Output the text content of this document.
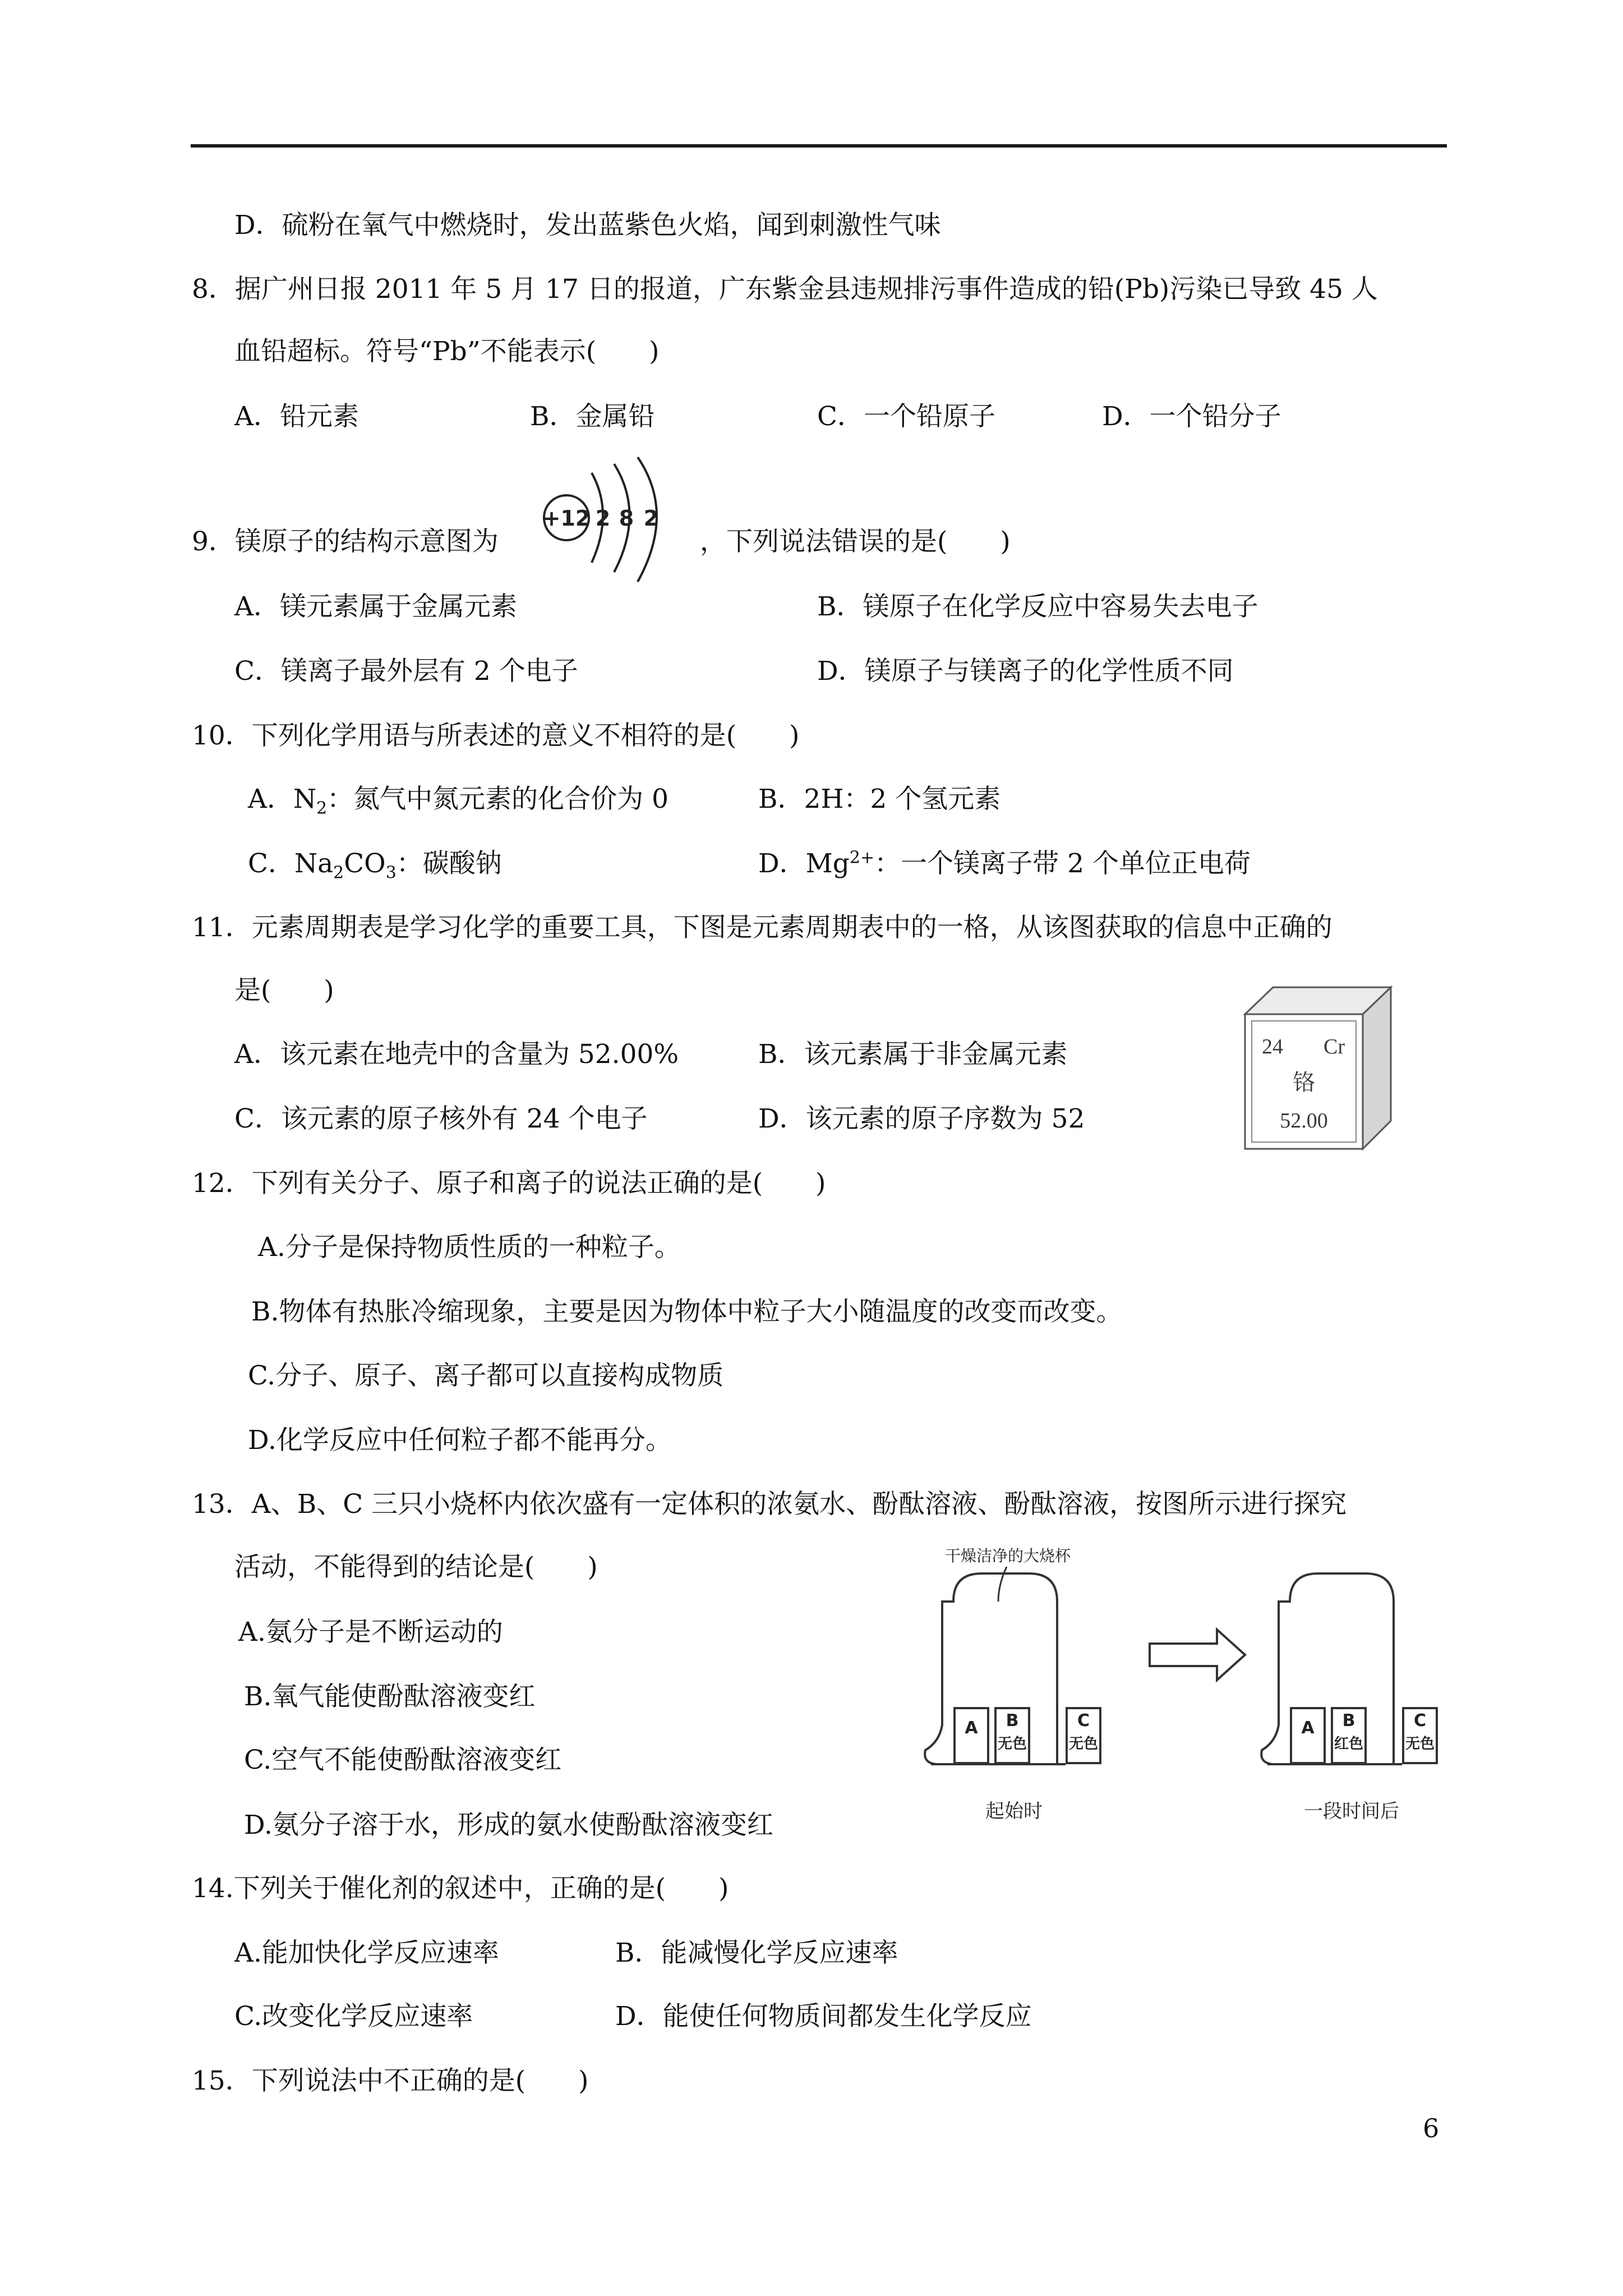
D．硫粉在氧气中燃烧时，发出蓝紫色火焰，闻到刺激性气味
8．据广州日报 2011 年 5 月 17 日的报道，广东紫金县违规排污事件造成的铅(Pb)污染已导致 45 人
血铅超标。符号“Pb”不能表示(　　)
A．铅元素	B．金属铅	C．一个铅原子	D．一个铅分子
9．镁原子的结构示意图为
+12 2 8 2
，下列说法错误的是(　　)
A．镁元素属于金属元素	B．镁原子在化学反应中容易失去电子
C．镁离子最外层有 2 个电子	D．镁原子与镁离子的化学性质不同
10．下列化学用语与所表述的意义不相符的是(　　)
A．$N_2$：氮气中氮元素的化合价为 0	B．2H：2 个氢元素
C．$Na_2CO_3$：碳酸钠	D．$Mg^{2+}$：一个镁离子带 2 个单位正电荷
11．元素周期表是学习化学的重要工具，下图是元素周期表中的一格，从该图获取的信息中正确的
是(　　)
A．该元素在地壳中的含量为 52.00%	B．该元素属于非金属元素
C．该元素的原子核外有 24 个电子	D．该元素的原子序数为 52
24 Cr
铬
52.00
12．下列有关分子、原子和离子的说法正确的是(　　)
A.分子是保持物质性质的一种粒子。
B.物体有热胀冷缩现象，主要是因为物体中粒子大小随温度的改变而改变。
C.分子、原子、离子都可以直接构成物质
D.化学反应中任何粒子都不能再分。
13．A、B、C 三只小烧杯内依次盛有一定体积的浓氨水、酚酞溶液、酚酞溶液，按图所示进行探究
活动，不能得到的结论是(　　)
A.氨分子是不断运动的
B.氧气能使酚酞溶液变红
C.空气不能使酚酞溶液变红
D.氨分子溶于水，形成的氨水使酚酞溶液变红
干燥洁净的大烧杯
A B
无色
C
无色
起始时
A B
红色
C
无色
一段时间后
14.下列关于催化剂的叙述中，正确的是(　　)
A.能加快化学反应速率	B．能减慢化学反应速率
C.改变化学反应速率	D．能使任何物质间都发生化学反应
15．下列说法中不正确的是(　　)
6
